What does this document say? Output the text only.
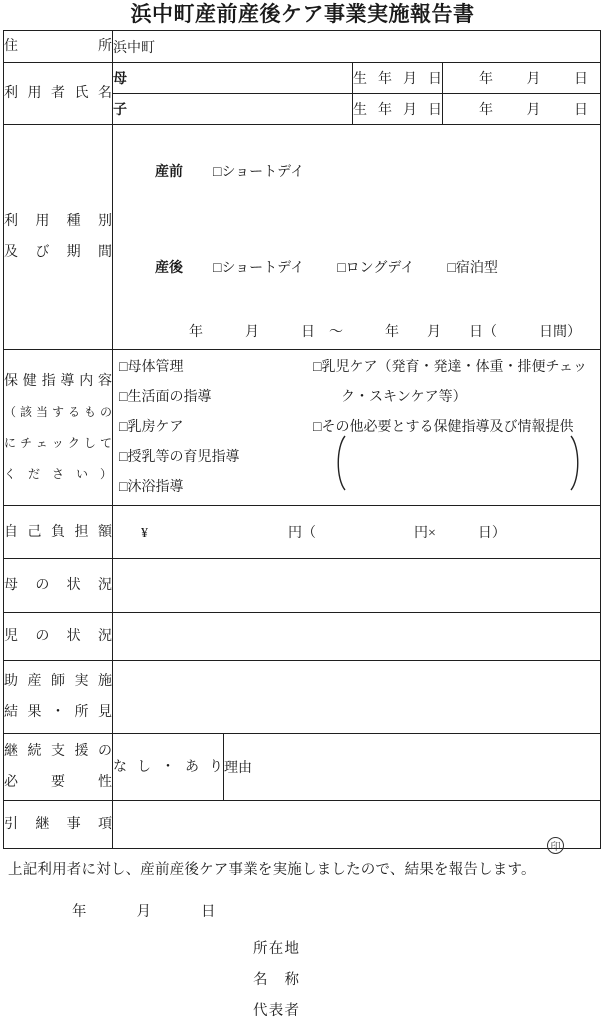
浜中町産前産後ケア事業実施報告書
住所	浜中町			

利用者氏名	母		生年月日	年 月 日

	子		生年月日	年 月 日

利用種別
及び期間

産前 □ショートデイ

産後 □ショートデイ □ロングデイ □宿泊型

年　　　月　　　日　～　　　年　　月　　日（　　　日間）

保健指導内容
（該当するもの
にチェックして
ください）

□母体管理
□生活面の指導
□乳房ケア
□授乳等の育児指導
□沐浴指導
□乳児ケア（発育・発達・体重・排便チェッ
ク・スキンケア等）
□その他必要とする保健指導及び情報提供

自己負担額	¥　　　　　　　　　　円（　　　　　　　円×　　　日）			

母の状況				

児の状況				

助産師実施
結果・所見				

継続支援の
必要性	なし・あり	理由		

引継事項				

上記利用者に対し、産前産後ケア事業を実施しましたので、結果を報告します。
年	月	日
所在地
名称
代表者
印
